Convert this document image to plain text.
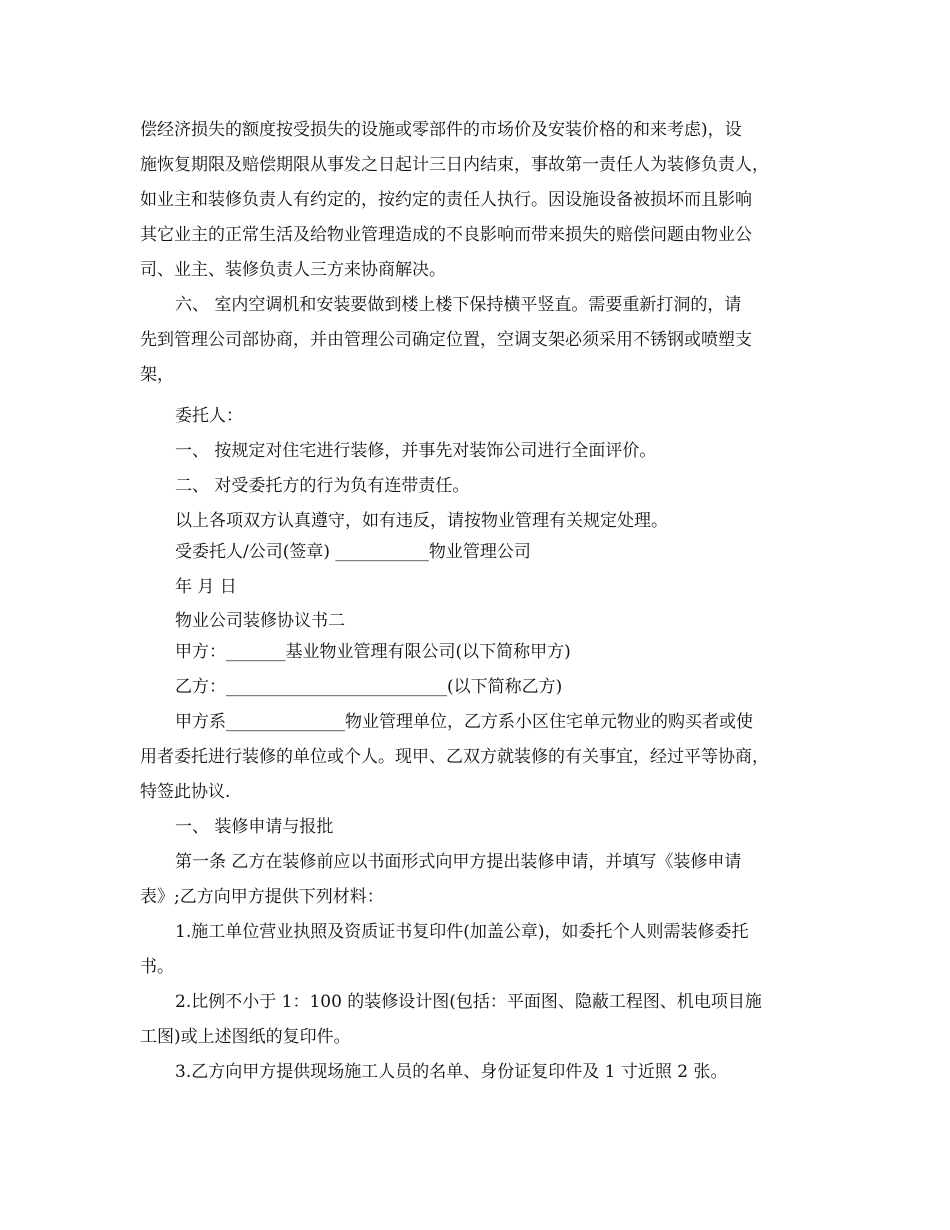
偿经济损失的额度按受损失的设施或零部件的市场价及安装价格的和来考虑)，设
施恢复期限及赔偿期限从事发之日起计三日内结束，事故第一责任人为装修负责人，
如业主和装修负责人有约定的，按约定的责任人执行。因设施设备被损坏而且影响
其它业主的正常生活及给物业管理造成的不良影响而带来损失的赔偿问题由物业公
司、业主、装修负责人三方来协商解决。
六、 室内空调机和安装要做到楼上楼下保持横平竖直。需要重新打洞的，请
先到管理公司部协商，并由管理公司确定位置，空调支架必须采用不锈钢或喷塑支
架，
委托人：
一、 按规定对住宅进行装修，并事先对装饰公司进行全面评价。
二、 对受委托方的行为负有连带责任。
以上各项双方认真遵守，如有违反，请按物业管理有关规定处理。
受委托人/公司(签章) ___________物业管理公司
年 月 日
物业公司装修协议书二
甲方：_______基业物业管理有限公司(以下简称甲方)
乙方：__________________________(以下简称乙方)
甲方系______________物业管理单位，乙方系小区住宅单元物业的购买者或使
用者委托进行装修的单位或个人。现甲、乙双方就装修的有关事宜，经过平等协商，
特签此协议.
一、 装修申请与报批
第一条 乙方在装修前应以书面形式向甲方提出装修申请，并填写《装修申请
表》;乙方向甲方提供下列材料：
1.施工单位营业执照及资质证书复印件(加盖公章)，如委托个人则需装修委托
书。
2.比例不小于 1：100 的装修设计图(包括：平面图、隐蔽工程图、机电项目施
工图)或上述图纸的复印件。
3.乙方向甲方提供现场施工人员的名单、身份证复印件及 1 寸近照 2 张。
